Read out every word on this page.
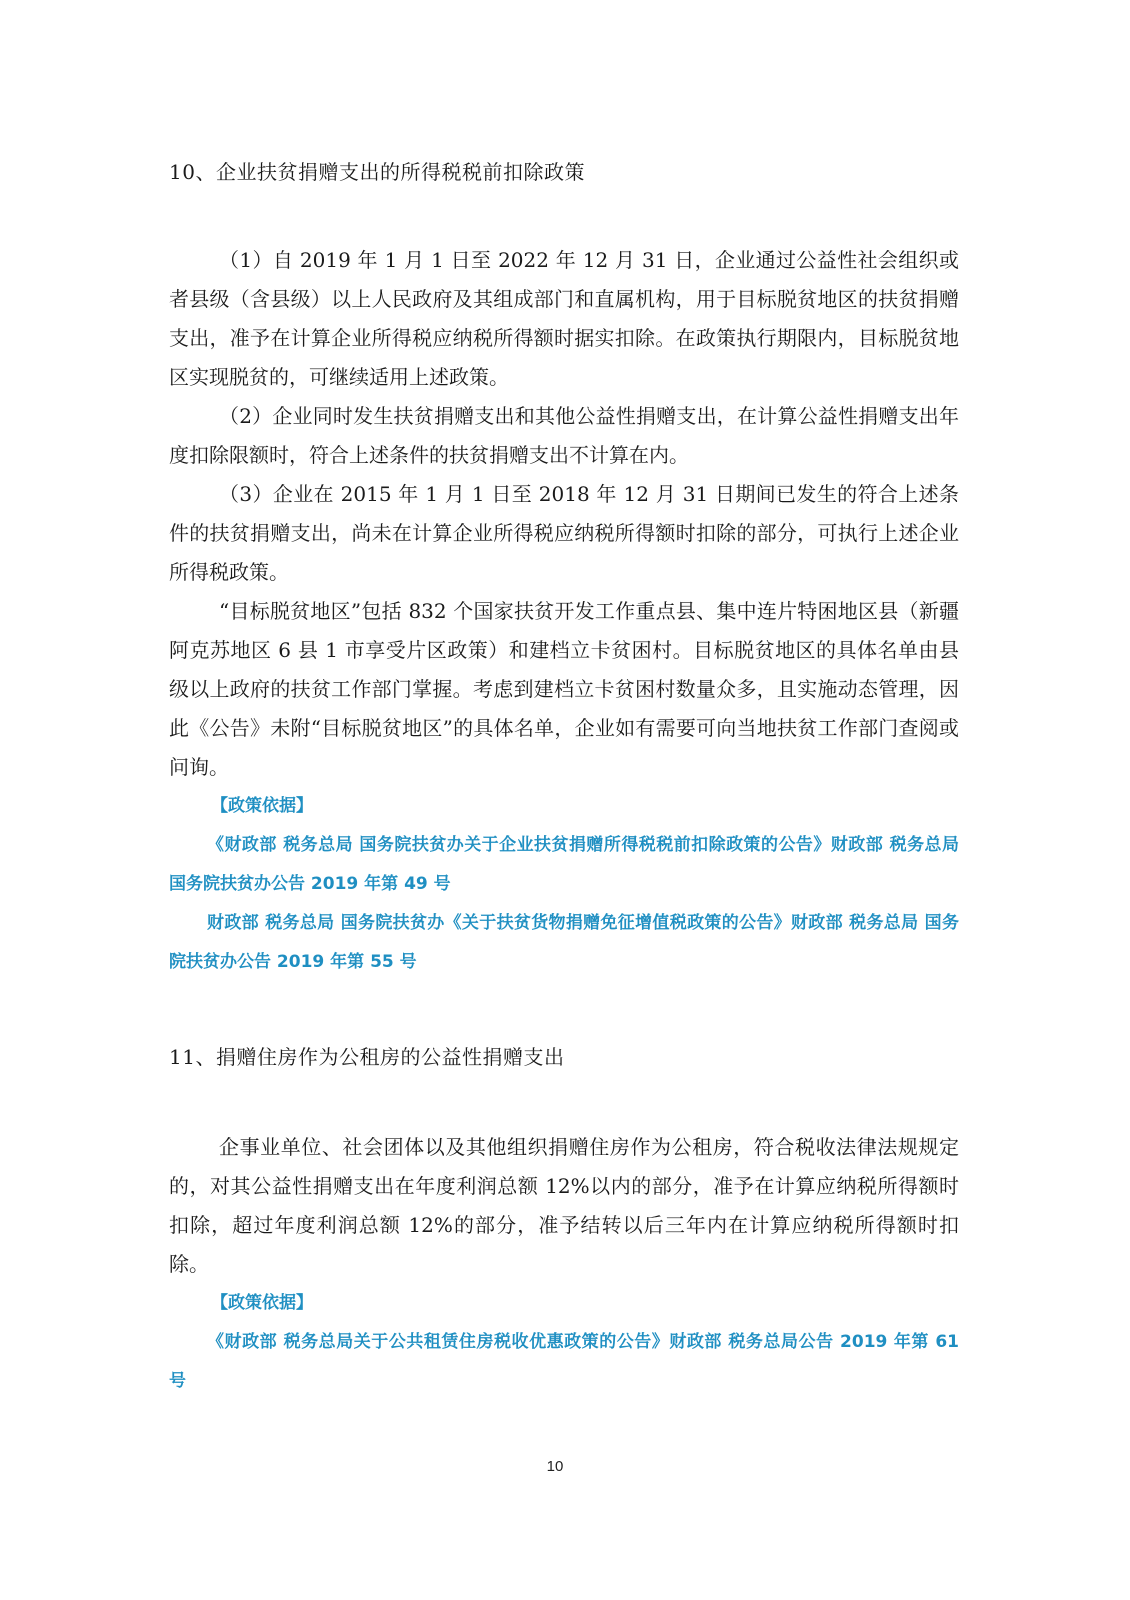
10、企业扶贫捐赠支出的所得税税前扣除政策

（1）自 2019 年 1 月 1 日至 2022 年 12 月 31 日，企业通过公益性社会组织或者县级（含县级）以上人民政府及其组成部门和直属机构，用于目标脱贫地区的扶贫捐赠支出，准予在计算企业所得税应纳税所得额时据实扣除。在政策执行期限内，目标脱贫地区实现脱贫的，可继续适用上述政策。

（2）企业同时发生扶贫捐赠支出和其他公益性捐赠支出，在计算公益性捐赠支出年度扣除限额时，符合上述条件的扶贫捐赠支出不计算在内。

（3）企业在 2015 年 1 月 1 日至 2018 年 12 月 31 日期间已发生的符合上述条件的扶贫捐赠支出，尚未在计算企业所得税应纳税所得额时扣除的部分，可执行上述企业所得税政策。

“目标脱贫地区”包括 832 个国家扶贫开发工作重点县、集中连片特困地区县（新疆阿克苏地区 6 县 1 市享受片区政策）和建档立卡贫困村。目标脱贫地区的具体名单由县级以上政府的扶贫工作部门掌握。考虑到建档立卡贫困村数量众多，且实施动态管理，因此《公告》未附“目标脱贫地区”的具体名单，企业如有需要可向当地扶贫工作部门查阅或问询。

【政策依据】

《财政部 税务总局 国务院扶贫办关于企业扶贫捐赠所得税税前扣除政策的公告》财政部 税务总局 国务院扶贫办公告 2019 年第 49 号

财政部 税务总局 国务院扶贫办《关于扶贫货物捐赠免征增值税政策的公告》财政部 税务总局 国务院扶贫办公告 2019 年第 55 号

11、捐赠住房作为公租房的公益性捐赠支出

企事业单位、社会团体以及其他组织捐赠住房作为公租房，符合税收法律法规规定的，对其公益性捐赠支出在年度利润总额 12%以内的部分，准予在计算应纳税所得额时扣除，超过年度利润总额 12%的部分，准予结转以后三年内在计算应纳税所得额时扣除。

【政策依据】

《财政部 税务总局关于公共租赁住房税收优惠政策的公告》财政部 税务总局公告 2019 年第 61 号

10
